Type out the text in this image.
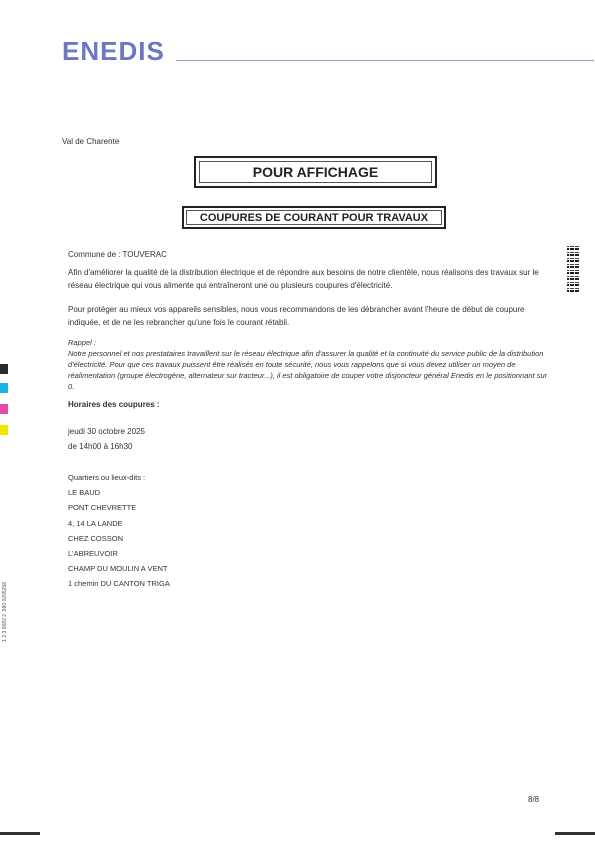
ENEDIS
Val de Charente
POUR AFFICHAGE
COUPURES DE COURANT POUR TRAVAUX
Commune de : TOUVERAC
Afin d'améliorer la qualité de la distribution électrique et de répondre aux besoins de notre clientèle, nous réalisons des travaux sur le réseau électrique qui vous alimente qui entraîneront une ou plusieurs coupures d'électricité.
Pour protéger au mieux vos appareils sensibles, nous vous recommandons de les débrancher avant l'heure de début de coupure indiquée, et de ne les rebrancher qu'une fois le courant rétabli.
Rappel :
Notre personnel et nos prestataires travaillent sur le réseau électrique afin d'assurer la qualité et la continuité du service public de la distribution d'électricité. Pour que ces travaux puissent être réalisés en toute sécurité, nous vous rappelons que si vous devez utiliser un moyen de réalimentation (groupe électrogène, alternateur sur tracteur...), il est obligatoire de couper votre disjoncteur général Enedis en le positionnant sur 0.
Horaires des coupures :
jeudi 30 octobre 2025
de 14h00 à 16h30
Quartiers ou lieux-dits :
LE BAUD
PONT CHEVRETTE
4, 14 LA LANDE
CHEZ COSSON
L'ABREUVOIR
CHAMP DU MOULIN A VENT
1 chemin DU CANTON TRIGA
1 2 3 6682 2 .980 0205258
8/8
